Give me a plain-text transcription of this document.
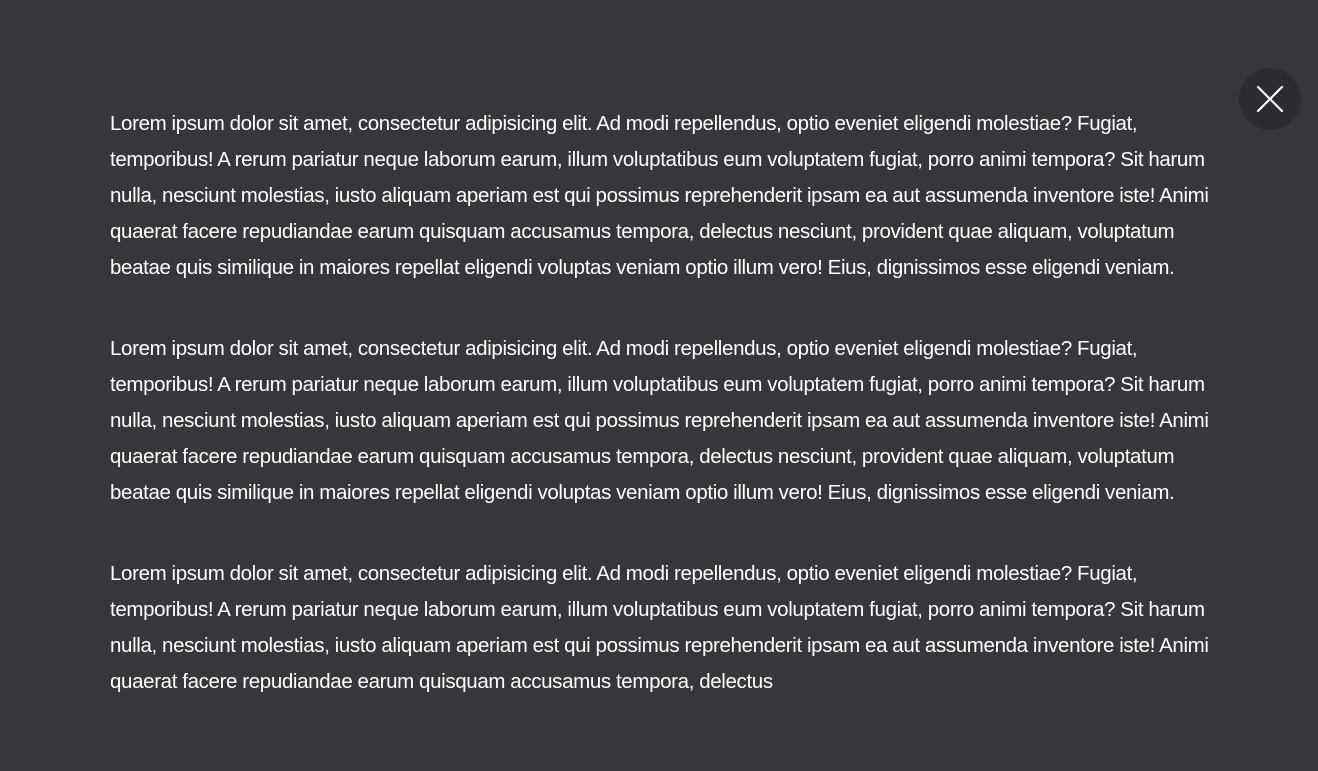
Lorem ipsum dolor sit amet, consectetur adipisicing elit. Ad modi repellendus, optio eveniet eligendi molestiae? Fugiat, temporibus! A rerum pariatur neque laborum earum, illum voluptatibus eum voluptatem fugiat, porro animi tempora? Sit harum nulla, nesciunt molestias, iusto aliquam aperiam est qui possimus reprehenderit ipsam ea aut assumenda inventore iste! Animi quaerat facere repudiandae earum quisquam accusamus tempora, delectus nesciunt, provident quae aliquam, voluptatum beatae quis similique in maiores repellat eligendi voluptas veniam optio illum vero! Eius, dignissimos esse eligendi veniam.

Lorem ipsum dolor sit amet, consectetur adipisicing elit. Ad modi repellendus, optio eveniet eligendi molestiae? Fugiat, temporibus! A rerum pariatur neque laborum earum, illum voluptatibus eum voluptatem fugiat, porro animi tempora? Sit harum nulla, nesciunt molestias, iusto aliquam aperiam est qui possimus reprehenderit ipsam ea aut assumenda inventore iste! Animi quaerat facere repudiandae earum quisquam accusamus tempora, delectus nesciunt, provident quae aliquam, voluptatum beatae quis similique in maiores repellat eligendi voluptas veniam optio illum vero! Eius, dignissimos esse eligendi veniam.

Lorem ipsum dolor sit amet, consectetur adipisicing elit. Ad modi repellendus, optio eveniet eligendi molestiae? Fugiat, temporibus! A rerum pariatur neque laborum earum, illum voluptatibus eum voluptatem fugiat, porro animi tempora? Sit harum nulla, nesciunt molestias, iusto aliquam aperiam est qui possimus reprehenderit ipsam ea aut assumenda inventore iste! Animi quaerat facere repudiandae earum quisquam accusamus tempora, delectus
